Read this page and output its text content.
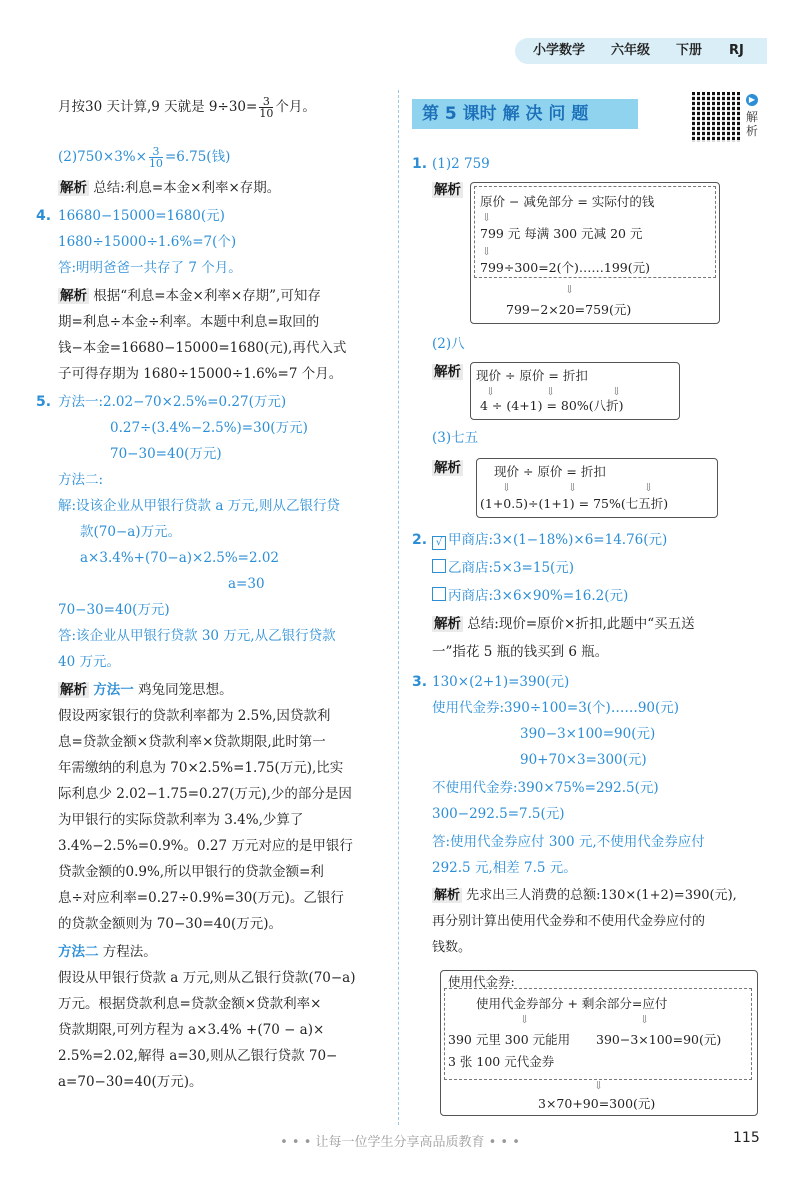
小学数学 六年级 下册 RJ
月按30 天计算,9 天就是 $9\div 30= \frac{3}{10}$ 个月。
$(2)750\times 3\%\times \frac{3}{10} =6.75$(钱)
解析 总结:利息=本金×利率×存期。
4. 16680−15000=1680(元)
1680÷15000÷1.6%=7(个)
答:明明爸爸一共存了 7 个月。
解析 根据“利息=本金×利率×存期”,可知存
期=利息÷本金÷利率。本题中利息=取回的
钱−本金=16680−15000=1680(元),再代入式
子可得存期为 1680÷15000÷1.6%=7 个月。
5. 方法一:2.02−70×2.5%=0.27(万元)
0.27÷(3.4%−2.5%)=30(万元)
70−30=40(万元)
方法二:
解:设该企业从甲银行贷款 a 万元,则从乙银行贷
款(70−a)万元。
a×3.4%+(70−a)×2.5%=2.02
a=30
70−30=40(万元)
答:该企业从甲银行贷款 30 万元,从乙银行贷款
40 万元。
解析 方法一 鸡兔同笼思想。
假设两家银行的贷款利率都为 2.5%,因贷款利
息=贷款金额×贷款利率×贷款期限,此时第一
年需缴纳的利息为 70×2.5%=1.75(万元),比实
际利息少 2.02−1.75=0.27(万元),少的部分是因
为甲银行的实际贷款利率为 3.4%,少算了
3.4%−2.5%=0.9%。0.27 万元对应的是甲银行
贷款金额的0.9%,所以甲银行的贷款金额=利
息÷对应利率=0.27÷0.9%=30(万元)。乙银行
的贷款金额则为 70−30=40(万元)。
方法二 方程法。
假设从甲银行贷款 a 万元,则从乙银行贷款(70−a)
万元。根据贷款利息=贷款金额×贷款利率×
贷款期限,可列方程为 a×3.4% +(70 − a)×
2.5%=2.02,解得 a=30,则从乙银行贷款 70−
a=70−30=40(万元)。
第 5 课时 解 决 问 题
▶
解
析
1. (1)2 759
解析
原价 − 减免部分 = 实际付的钱
⇓
799 元 每满 300 元减 20 元
⇓
799÷300=2(个)……199(元)
⇓
799−2×20=759(元)
(2)八
解析 现价 ÷ 原价 = 折扣
⇓	⇓	⇓
4 ÷ (4+1) = 80%(八折)
(3)七五
解析	现价 ÷ 原价 = 折扣
⇓	⇓	⇓
(1+0.5)÷(1+1) = 75%(七五折)
2. √ 甲商店:3×(1−18%)×6=14.76(元)
乙商店:5×3=15(元)
丙商店:3×6×90%=16.2(元)
解析 总结:现价=原价×折扣,此题中“买五送
一”指花 5 瓶的钱买到 6 瓶。
3. 130×(2+1)=390(元)
使用代金券:390÷100=3(个)……90(元)
390−3×100=90(元)
90+70×3=300(元)
不使用代金券:390×75%=292.5(元)
300−292.5=7.5(元)
答:使用代金券应付 300 元,不使用代金券应付
292.5 元,相差 7.5 元。
解析 先求出三人消费的总额:130×(1+2)=390(元),
再分别计算出使用代金券和不使用代金券应付的
钱数。
使用代金券:
使用代金券部分 + 剩余部分=应付
⇓	⇓
390 元里 300 元能用 390−3×100=90(元)
3 张 100 元代金券
⇓
3×70+90=300(元)
• • • 让每一位学生分享高品质教育 • • •	115
